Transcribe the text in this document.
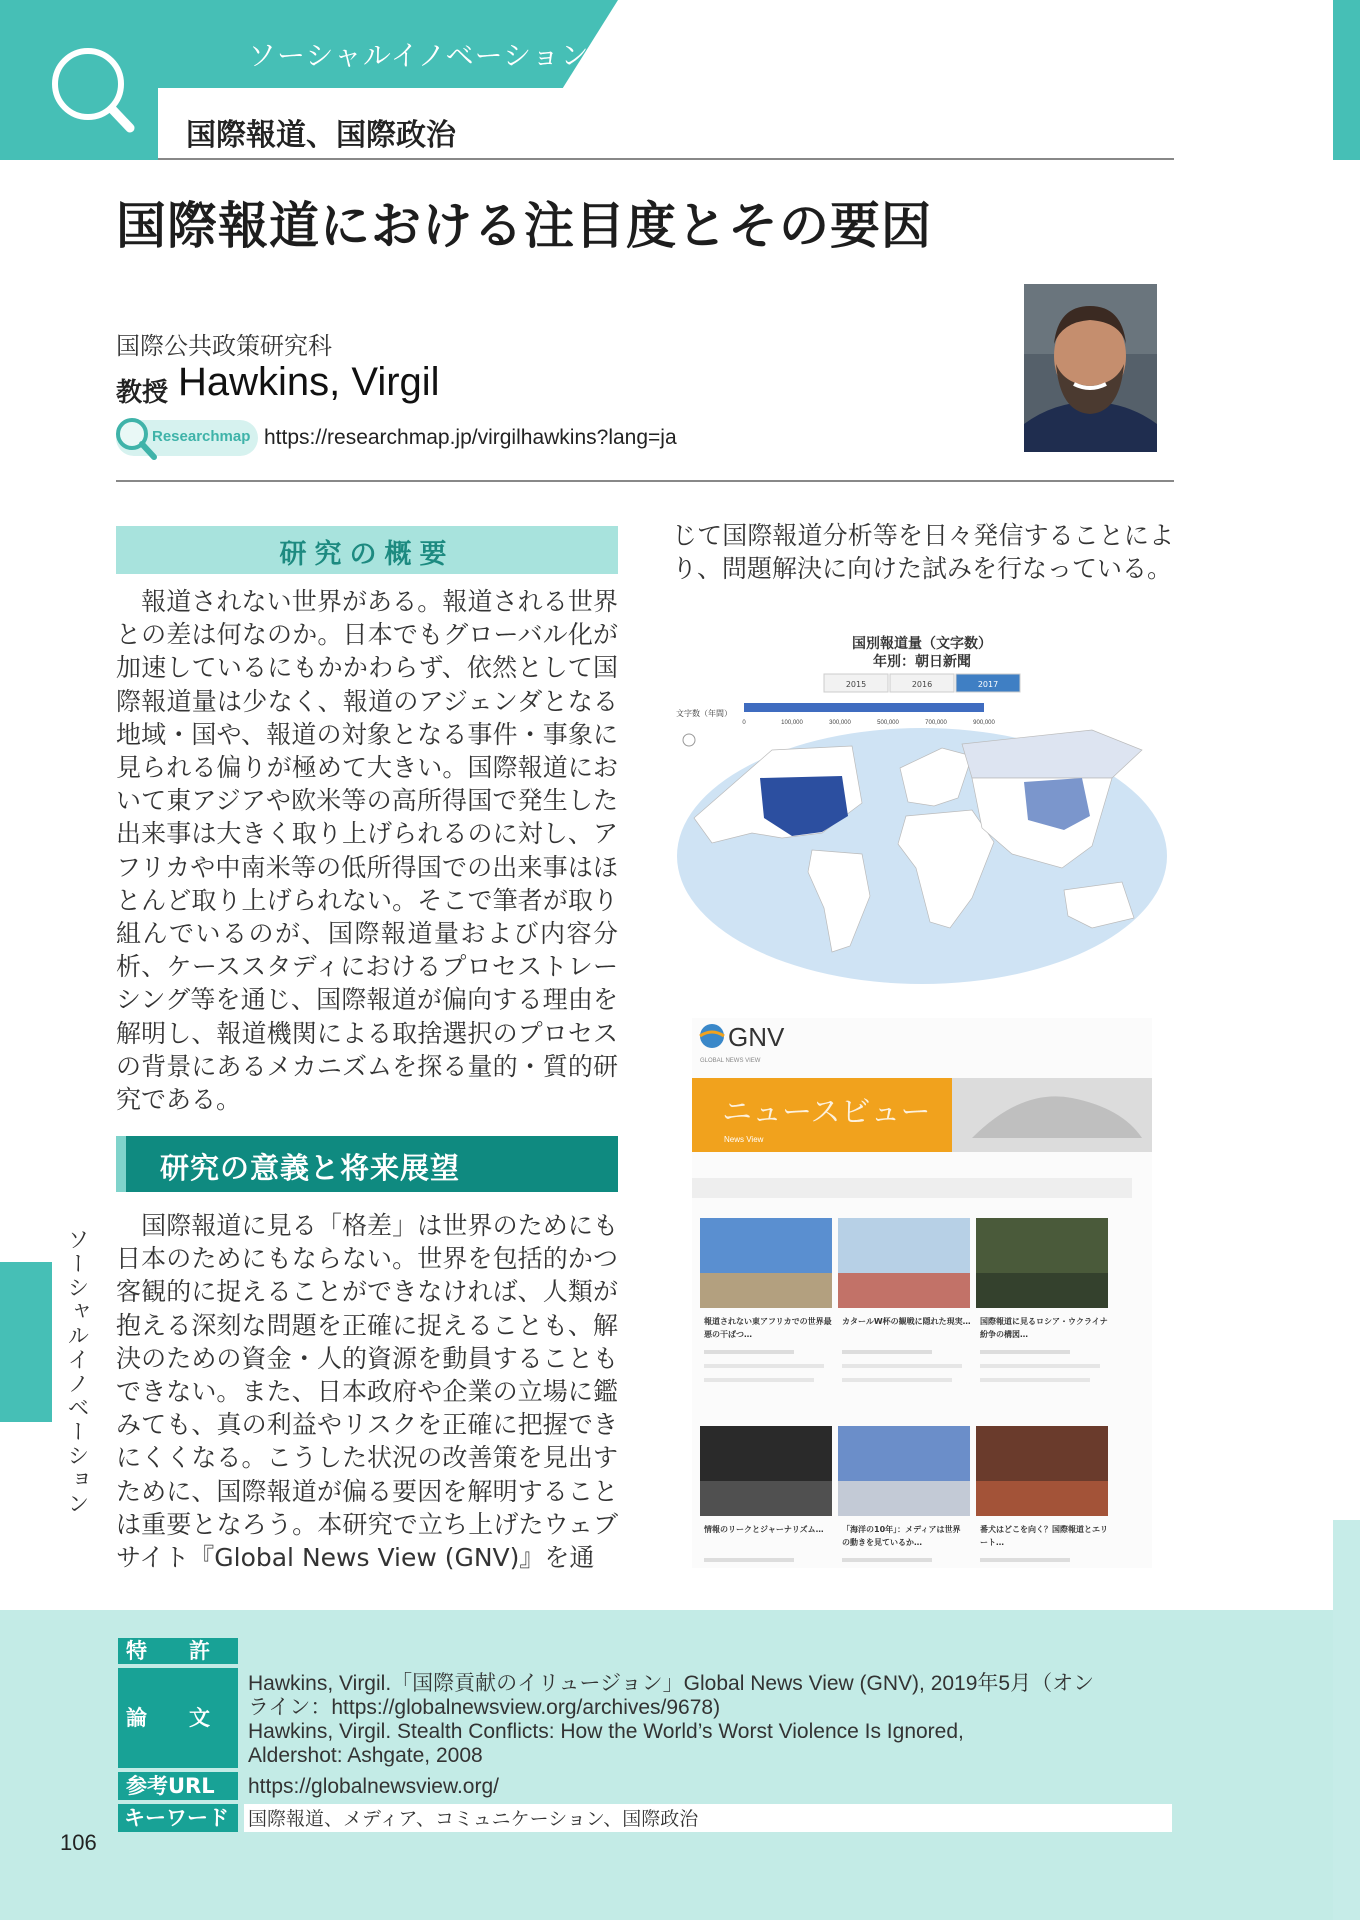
ソーシャルイノベーション
国際報道、国際政治
国際報道における注目度とその要因
国際公共政策研究科
教授 Hawkins, Virgil
Researchmap https://researchmap.jp/virgilhawkins?lang=ja
研究の概要
　報道されない世界がある。報道される世界との差は何なのか。日本でもグローバル化が加速しているにもかかわらず、依然として国際報道量は少なく、報道のアジェンダとなる地域・国や、報道の対象となる事件・事象に見られる偏りが極めて大きい。国際報道において東アジアや欧米等の高所得国で発生した出来事は大きく取り上げられるのに対し、アフリカや中南米等の低所得国での出来事はほとんど取り上げられない。そこで筆者が取り組んでいるのが、国際報道量および内容分析、ケーススタディにおけるプロセストレーシング等を通じ、国際報道が偏向する理由を解明し、報道機関による取捨選択のプロセスの背景にあるメカニズムを探る量的・質的研究である。
研究の意義と将来展望
　国際報道に見る「格差」は世界のためにも日本のためにもならない。世界を包括的かつ客観的に捉えることができなければ、人類が抱える深刻な問題を正確に捉えることも、解決のための資金・人的資源を動員することもできない。また、日本政府や企業の立場に鑑みても、真の利益やリスクを正確に把握できにくくなる。こうした状況の改善策を見出すために、国際報道が偏る要因を解明することは重要となろう。本研究で立ち上げたウェブサイト『Global News View (GNV)』を通
じて国際報道分析等を日々発信することにより、問題解決に向けた試みを行なっている。
国別報道量（文字数）
年別：朝日新聞
2015	2016	2017
文字数（年間）
0	100,000	300,000	500,000	700,000	900,000
GNV
GLOBAL NEWS VIEW
ニュースビュー
News View
報道されない東アフリカでの世界最
悪の干ばつ…
カタールW杯の観戦に隠れた現実… 国際報道に見るロシア・ウクライナ
紛争の構図…
情報のリークとジャーナリズム… 「海洋の10年」：メディアは世界
の動きを見ているか…
番犬はどこを向く？国際報道とエリ
ート…
ソーシャルイノベーション
特　　許
論　　文
Hawkins, Virgil.「国際貢献のイリュージョン」Global News View (GNV), 2019年5月（オン
ライン：https://globalnewsview.org/archives/9678)
Hawkins, Virgil. Stealth Conflicts: How the World’s Worst Violence Is Ignored,
Aldershot: Ashgate, 2008
参考URL	https://globalnewsview.org/
キーワード	国際報道、メディア、コミュニケーション、国際政治
106
